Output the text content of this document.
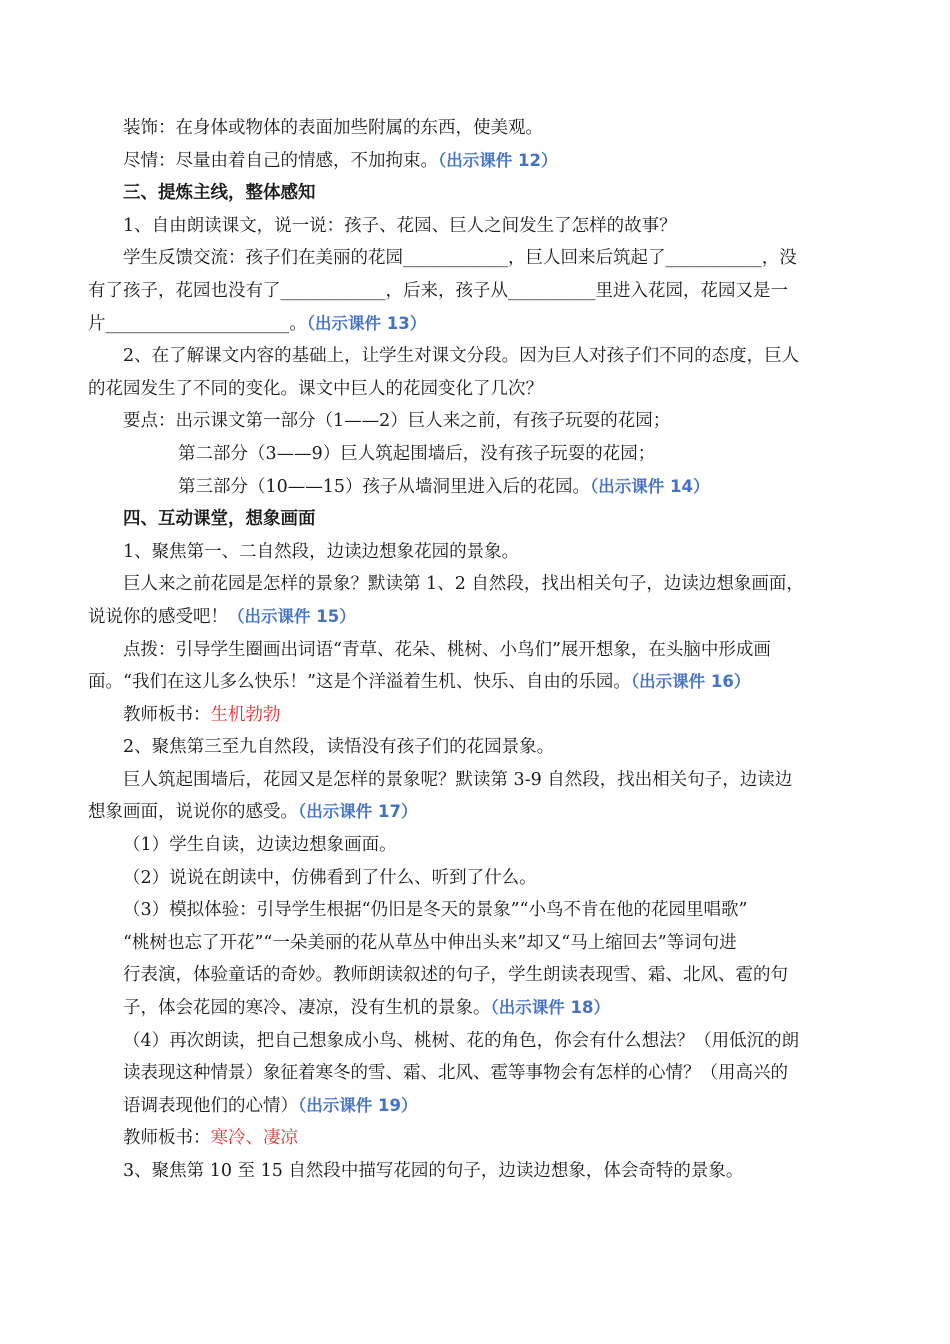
装饰：在身体或物体的表面加些附属的东西，使美观。
尽情：尽量由着自己的情感，不加拘束。（出示课件 12）
三、提炼主线，整体感知
1、自由朗读课文，说一说：孩子、花园、巨人之间发生了怎样的故事？
学生反馈交流：孩子们在美丽的花园____________，巨人回来后筑起了___________，没
有了孩子，花园也没有了____________，后来，孩子从__________里进入花园，花园又是一
片_____________________。（出示课件 13）
2、在了解课文内容的基础上，让学生对课文分段。因为巨人对孩子们不同的态度，巨人
的花园发生了不同的变化。课文中巨人的花园变化了几次？
要点：出示课文第一部分（1——2）巨人来之前，有孩子玩耍的花园；
第二部分（3——9）巨人筑起围墙后，没有孩子玩耍的花园；
第三部分（10——15）孩子从墙洞里进入后的花园。（出示课件 14）
四、互动课堂，想象画面
1、聚焦第一、二自然段，边读边想象花园的景象。
巨人来之前花园是怎样的景象？默读第 1、2 自然段，找出相关句子，边读边想象画面，
说说你的感受吧！（出示课件 15）
点拨：引导学生圈画出词语“青草、花朵、桃树、小鸟们”展开想象，在头脑中形成画
面。“我们在这儿多么快乐！”这是个洋溢着生机、快乐、自由的乐园。（出示课件 16）
教师板书：生机勃勃
2、聚焦第三至九自然段，读悟没有孩子们的花园景象。
巨人筑起围墙后，花园又是怎样的景象呢？默读第 3-9 自然段，找出相关句子，边读边
想象画面，说说你的感受。（出示课件 17）
（1）学生自读，边读边想象画面。
（2）说说在朗读中，仿佛看到了什么、听到了什么。
（3）模拟体验：引导学生根据“仍旧是冬天的景象”“小鸟不肯在他的花园里唱歌”
“桃树也忘了开花”“一朵美丽的花从草丛中伸出头来”却又“马上缩回去”等词句进
行表演，体验童话的奇妙。教师朗读叙述的句子，学生朗读表现雪、霜、北风、雹的句
子，体会花园的寒冷、凄凉，没有生机的景象。（出示课件 18）
（4）再次朗读，把自己想象成小鸟、桃树、花的角色，你会有什么想法？（用低沉的朗
读表现这种情景）象征着寒冬的雪、霜、北风、雹等事物会有怎样的心情？（用高兴的
语调表现他们的心情）（出示课件 19）
教师板书：寒冷、凄凉
3、聚焦第 10 至 15 自然段中描写花园的句子，边读边想象，体会奇特的景象。
